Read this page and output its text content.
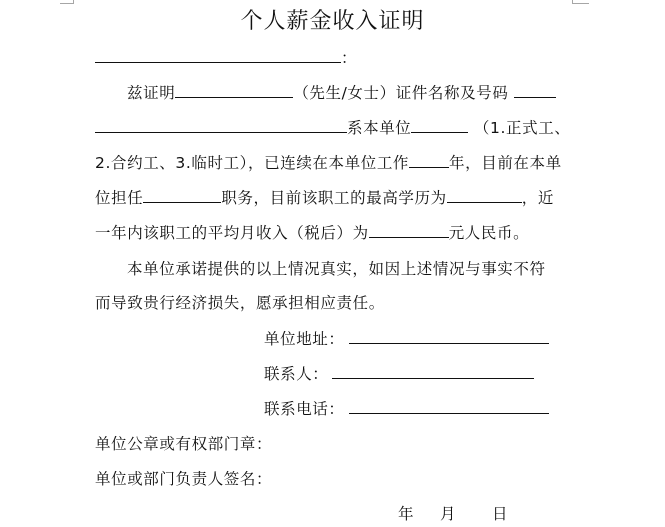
个人薪金收入证明
：
兹证明	（先生/女士）证件名称及号码
系本单位	（1.正式工、
2.合约工、3.临时工），已连续在本单位工作	年，目前在本单
位担任	职务，目前该职工的最高学历为	，近
一年内该职工的平均月收入（税后）为	元人民币。
本单位承诺提供的以上情况真实，如因上述情况与事实不符
而导致贵行经济损失，愿承担相应责任。
单位地址：
联系人：
联系电话：
单位公章或有权部门章：
单位或部门负责人签名：
年 月 日
